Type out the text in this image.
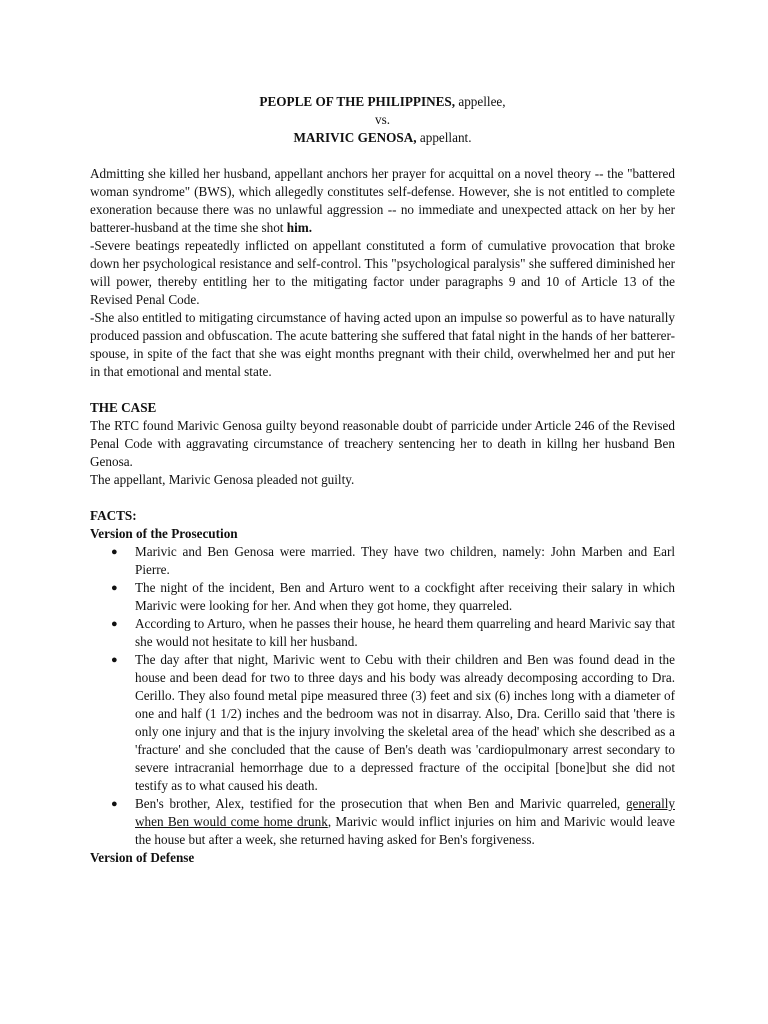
PEOPLE OF THE PHILIPPINES, appellee,
vs.
MARIVIC GENOSA, appellant.

Admitting she killed her husband, appellant anchors her prayer for acquittal on a novel theory -- the "battered woman syndrome" (BWS), which allegedly constitutes self-defense. However, she is not entitled to complete exoneration because there was no unlawful aggression -- no immediate and unexpected attack on her by her batterer-husband at the time she shot him.

-Severe beatings repeatedly inflicted on appellant constituted a form of cumulative provocation that broke down her psychological resistance and self-control. This "psychological paralysis" she suffered diminished her will power, thereby entitling her to the mitigating factor under paragraphs 9 and 10 of Article 13 of the Revised Penal Code.

-She also entitled to mitigating circumstance of having acted upon an impulse so powerful as to have naturally produced passion and obfuscation. The acute battering she suffered that fatal night in the hands of her batterer-spouse, in spite of the fact that she was eight months pregnant with their child, overwhelmed her and put her in that emotional and mental state.

THE CASE

The RTC found Marivic Genosa guilty beyond reasonable doubt of parricide under Article 246 of the Revised Penal Code with aggravating circumstance of treachery sentencing her to death in killng her husband Ben Genosa.

The appellant, Marivic Genosa pleaded not guilty.

FACTS:

Version of the Prosecution

● Marivic and Ben Genosa were married. They have two children, namely: John Marben and Earl Pierre.
● The night of the incident, Ben and Arturo went to a cockfight after receiving their salary in which Marivic were looking for her. And when they got home, they quarreled.
● According to Arturo, when he passes their house, he heard them quarreling and heard Marivic say that she would not hesitate to kill her husband.
● The day after that night, Marivic went to Cebu with their children and Ben was found dead in the house and been dead for two to three days and his body was already decomposing according to Dra. Cerillo. They also found metal pipe measured three (3) feet and six (6) inches long with a diameter of one and half (1 1/2) inches and the bedroom was not in disarray. Also, Dra. Cerillo said that 'there is only one injury and that is the injury involving the skeletal area of the head' which she described as a 'fracture' and she concluded that the cause of Ben's death was 'cardiopulmonary arrest secondary to severe intracranial hemorrhage due to a depressed fracture of the occipital [bone]but she did not testify as to what caused his death.
● Ben's brother, Alex, testified for the prosecution that when Ben and Marivic quarreled, generally when Ben would come home drunk, Marivic would inflict injuries on him and Marivic would leave the house but after a week, she returned having asked for Ben's forgiveness.

Version of Defense
